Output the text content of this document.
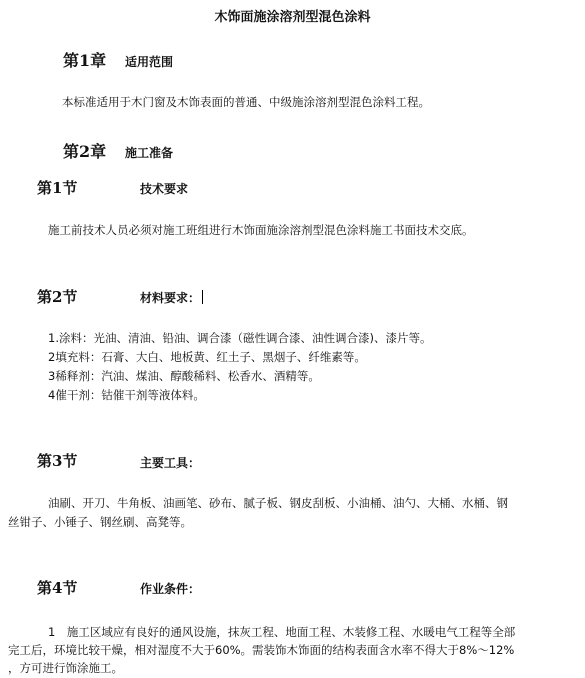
木饰面施涂溶剂型混色涂料
第1章 适用范围
本标准适用于木门窗及木饰表面的普通、中级施涂溶剂型混色涂料工程。
第2章 施工准备
第1节	技术要求
施工前技术人员必须对施工班组进行木饰面施涂溶剂型混色涂料施工书面技术交底。
第2节	材料要求：
1.涂料：光油、清油、铅油、调合漆（磁性调合漆、油性调合漆)、漆片等。
2填充料：石膏、大白、地板黄、红土子、黑烟子、纤维素等。
3稀释剂：汽油、煤油、醇酸稀料、松香水、酒精等。
4催干剂：钴催干剂等液体料。
第3节	主要工具：
油刷、开刀、牛角板、油画笔、砂布、腻子板、钢皮刮板、小油桶、油勺、大桶、水桶、钢
丝钳子、小锤子、钢丝刷、高凳等。
第4节	作业条件：
1　施工区域应有良好的通风设施，抹灰工程、地面工程、木装修工程、水暖电气工程等全部
完工后，环境比较干燥，相对湿度不大于60%。需装饰木饰面的结构表面含水率不得大于8%～12%
，方可进行饰涂施工。
